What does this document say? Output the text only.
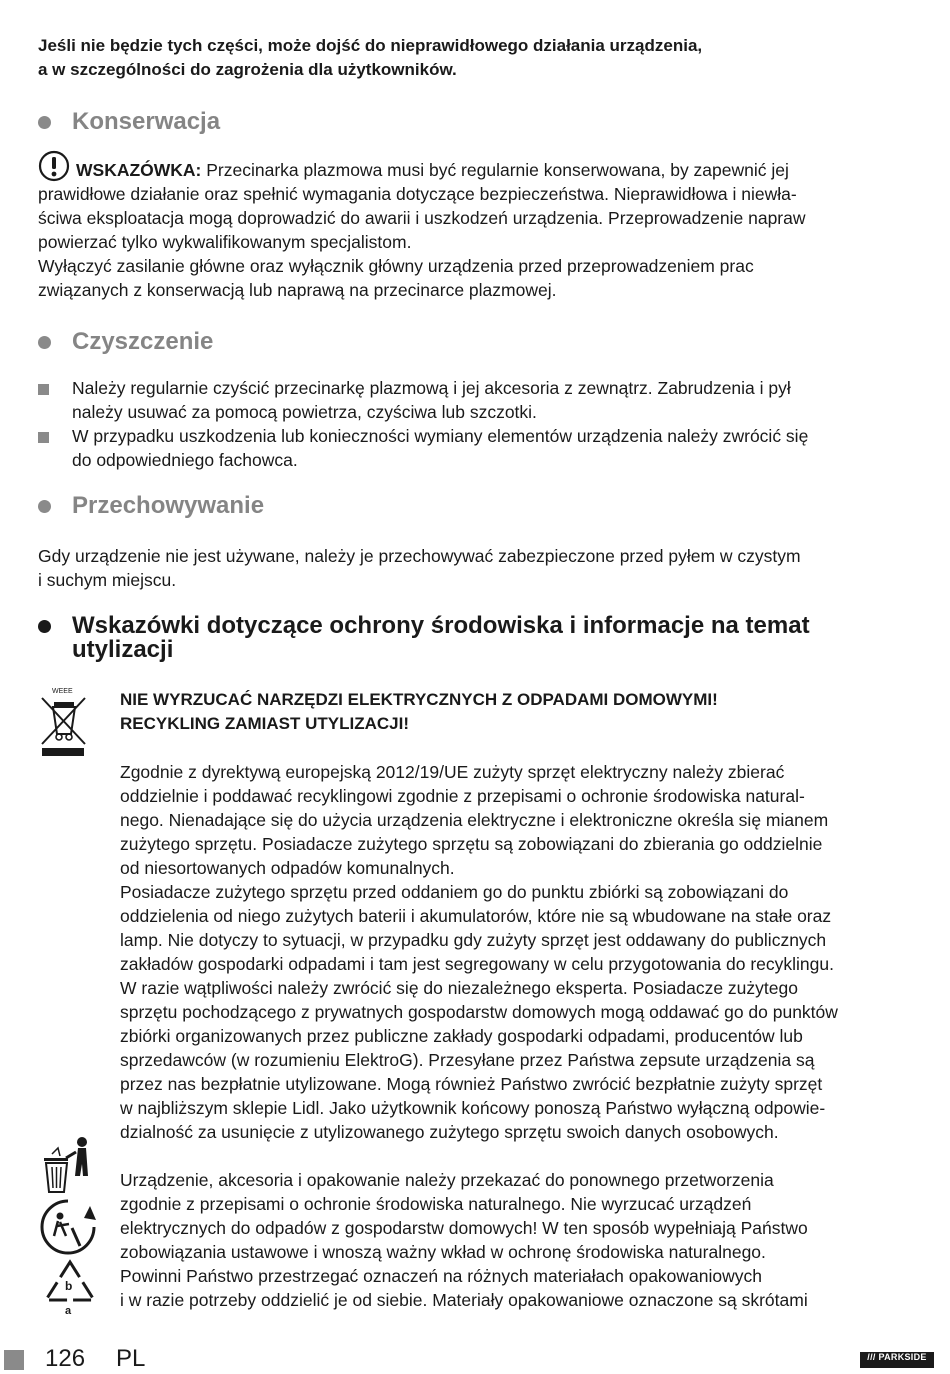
Jeśli nie będzie tych części, może dojść do nieprawidłowego działania urządzenia,
a w szczególności do zagrożenia dla użytkowników.

Konserwacja

WSKAZÓWKA: Przecinarka plazmowa musi być regularnie konserwowana, by zapewnić jej
prawidłowe działanie oraz spełnić wymagania dotyczące bezpieczeństwa. Nieprawidłowa i niewła-
ściwa eksploatacja mogą doprowadzić do awarii i uszkodzeń urządzenia. Przeprowadzenie napraw
powierzać tylko wykwalifikowanym specjalistom.
Wyłączyć zasilanie główne oraz wyłącznik główny urządzenia przed przeprowadzeniem prac
związanych z konserwacją lub naprawą na przecinarce plazmowej.

Czyszczenie
Należy regularnie czyścić przecinarkę plazmową i jej akcesoria z zewnątrz. Zabrudzenia i pył
należy usuwać za pomocą powietrza, czyściwa lub szczotki.
W przypadku uszkodzenia lub konieczności wymiany elementów urządzenia należy zwrócić się
do odpowiedniego fachowca.
Przechowywanie

Gdy urządzenie nie jest używane, należy je przechowywać zabezpieczone przed pyłem w czystym
i suchym miejscu.

Wskazówki dotyczące ochrony środowiska i informacje na temat
utylizacji
WEEE	NIE WYRZUCAĆ NARZĘDZI ELEKTRYCZNYCH Z ODPADAMI DOMOWYMI!
RECYKLING ZAMIAST UTYLIZACJI!

Zgodnie z dyrektywą europejską 2012/19/UE zużyty sprzęt elektryczny należy zbierać
oddzielnie i poddawać recyklingowi zgodnie z przepisami o ochronie środowiska natural-
nego. Nienadające się do użycia urządzenia elektryczne i elektroniczne określa się mianem
zużytego sprzętu. Posiadacze zużytego sprzętu są zobowiązani do zbierania go oddzielnie
od niesortowanych odpadów komunalnych.
Posiadacze zużytego sprzętu przed oddaniem go do punktu zbiórki są zobowiązani do
oddzielenia od niego zużytych baterii i akumulatorów, które nie są wbudowane na stałe oraz
lamp. Nie dotyczy to sytuacji, w przypadku gdy zużyty sprzęt jest oddawany do publicznych
zakładów gospodarki odpadami i tam jest segregowany w celu przygotowania do recyklingu.
W razie wątpliwości należy zwrócić się do niezależnego eksperta. Posiadacze zużytego
sprzętu pochodzącego z prywatnych gospodarstw domowych mogą oddawać go do punktów
zbiórki organizowanych przez publiczne zakłady gospodarki odpadami, producentów lub
sprzedawców (w rozumieniu ElektroG). Przesyłane przez Państwa zepsute urządzenia są
przez nas bezpłatnie utylizowane. Mogą również Państwo zwrócić bezpłatnie zużyty sprzęt
w najbliższym sklepie Lidl. Jako użytkownik końcowy ponoszą Państwo wyłączną odpowie-
dzialność za usunięcie z utylizowanego zużytego sprzętu swoich danych osobowych.

b
a

Urządzenie, akcesoria i opakowanie należy przekazać do ponownego przetworzenia
zgodnie z przepisami o ochronie środowiska naturalnego. Nie wyrzucać urządzeń
elektrycznych do odpadów z gospodarstw domowych! W ten sposób wypełniają Państwo
zobowiązania ustawowe i wnoszą ważny wkład w ochronę środowiska naturalnego.
Powinni Państwo przestrzegać oznaczeń na różnych materiałach opakowaniowych
i w razie potrzeby oddzielić je od siebie. Materiały opakowaniowe oznaczone są skrótami

126 PL	/// PARKSIDE
